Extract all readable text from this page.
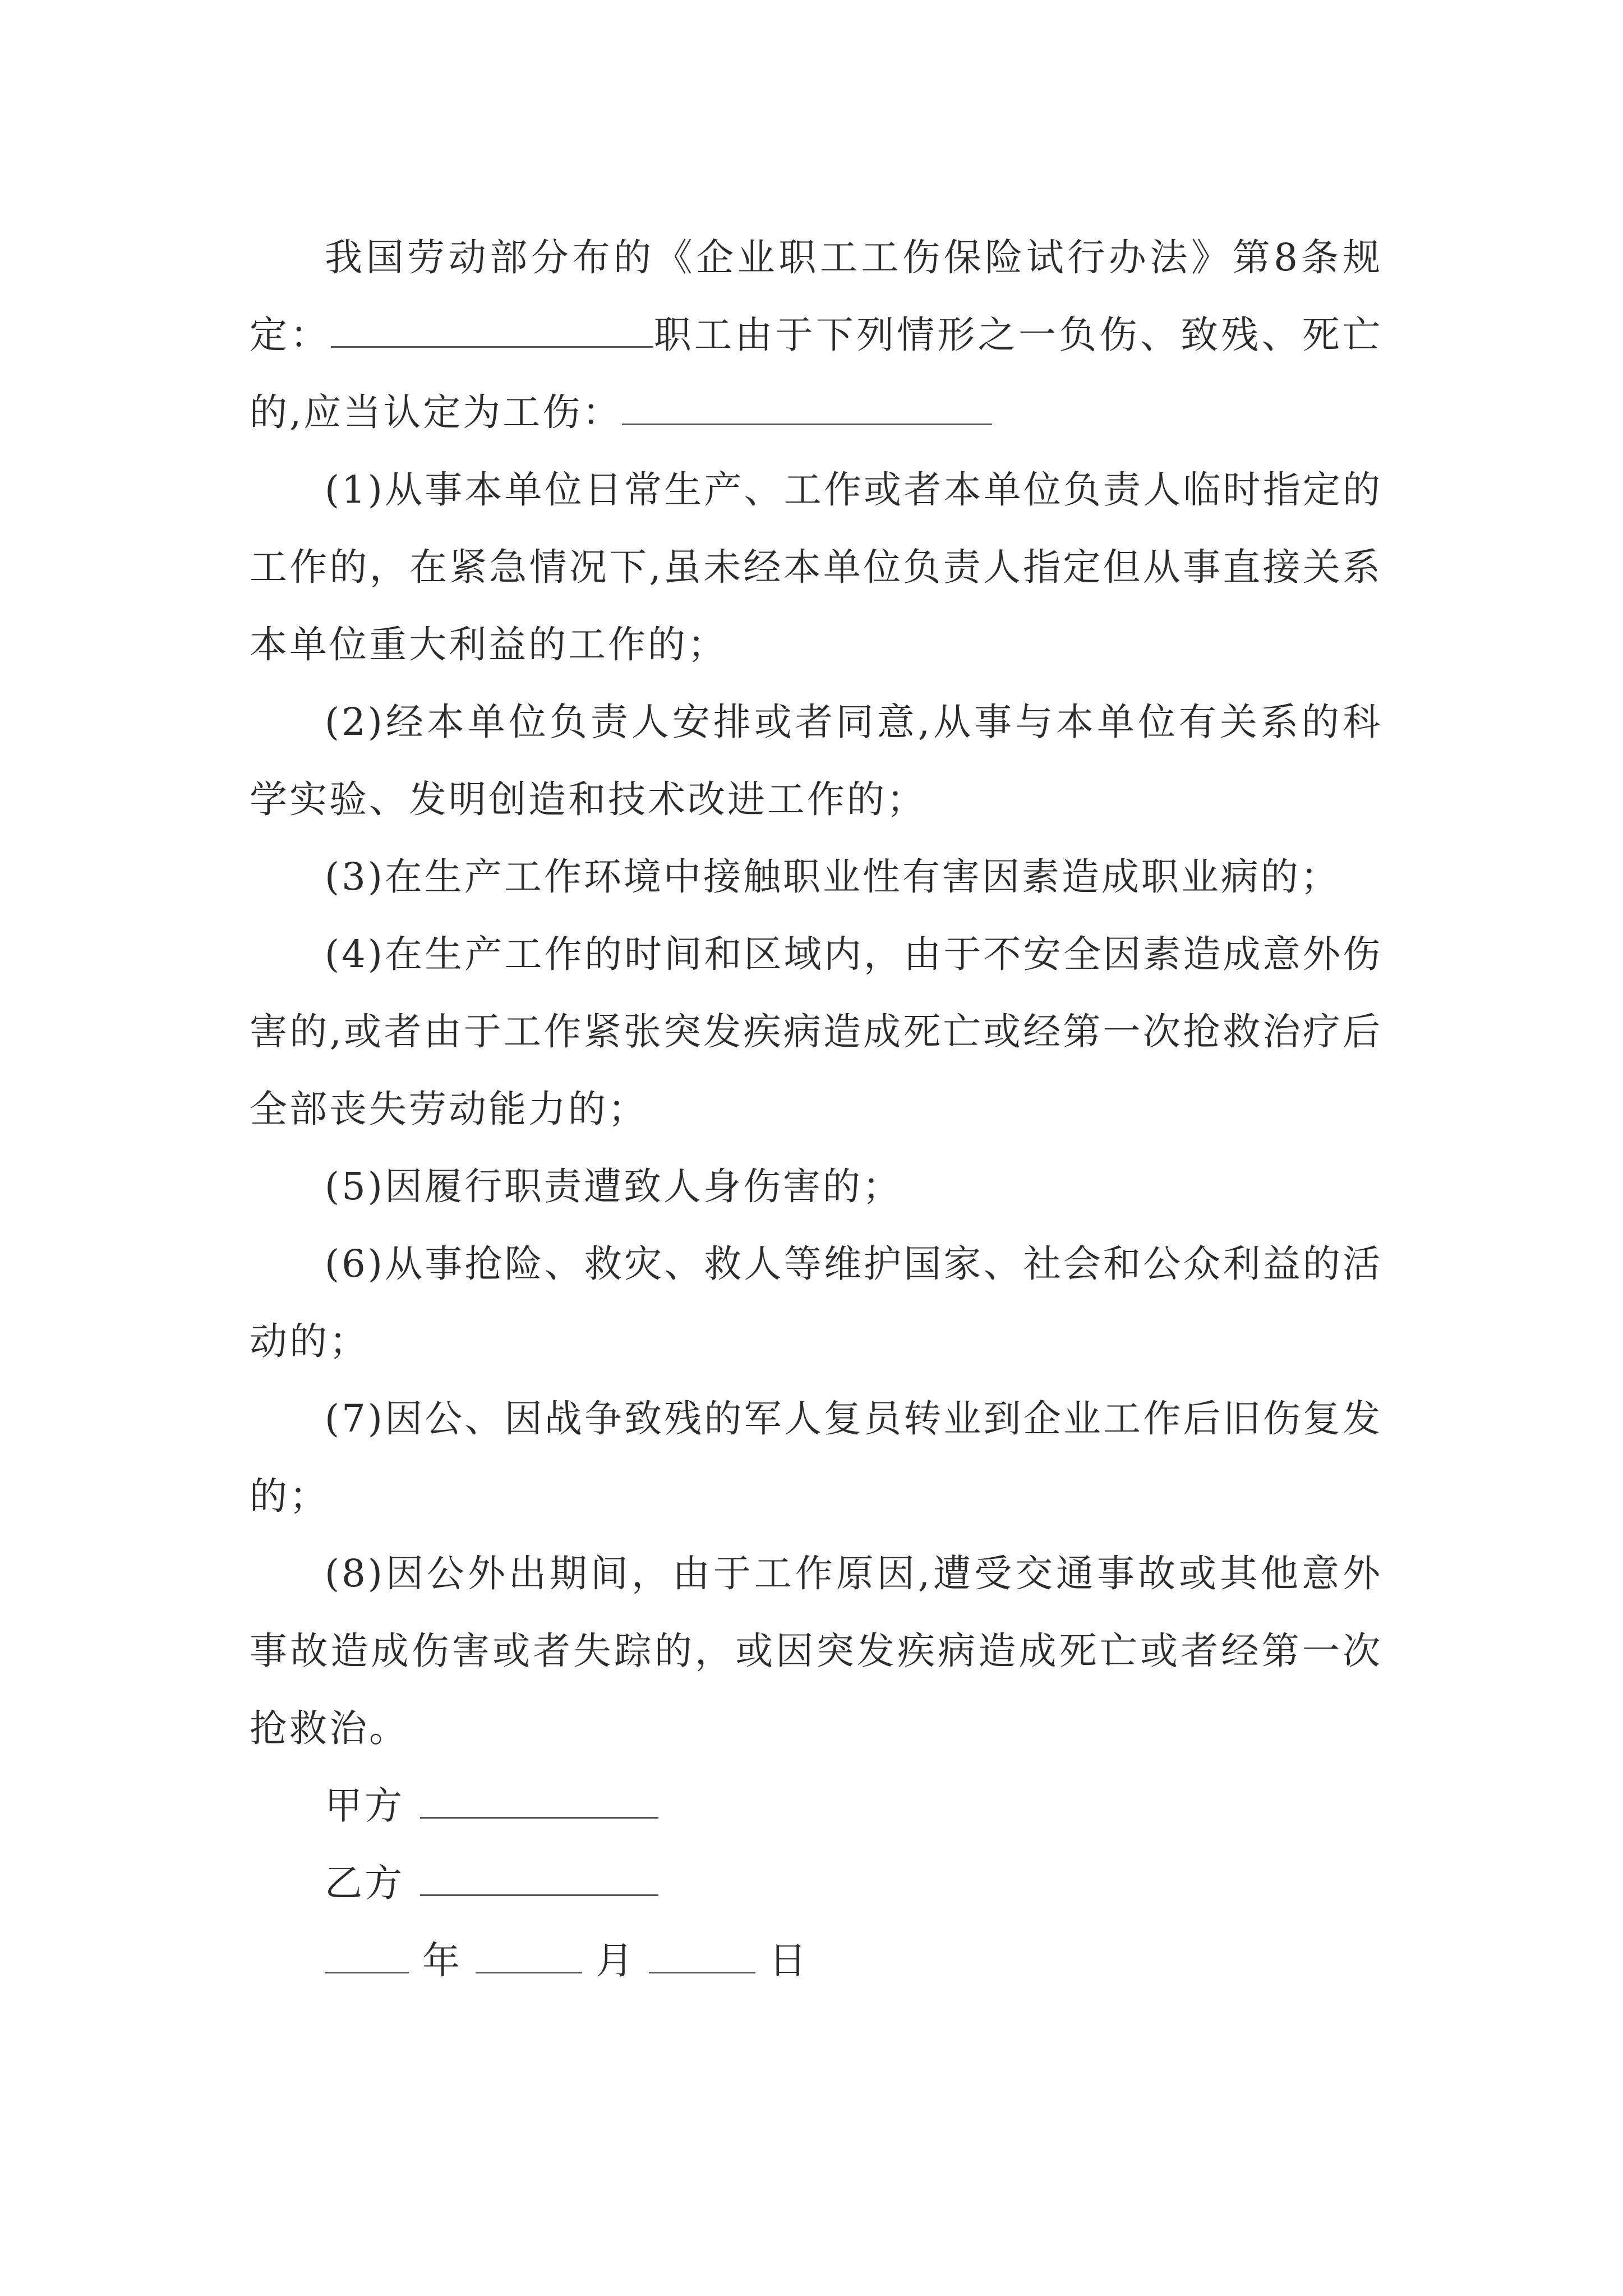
我国劳动部分布的《企业职工工伤保险试行办法》第8条规定：	职工由于下列情形之一负伤、致残、死亡的,应当认定为工伤：

(1)从事本单位日常生产、工作或者本单位负责人临时指定的工作的，在紧急情况下,虽未经本单位负责人指定但从事直接关系本单位重大利益的工作的；

(2)经本单位负责人安排或者同意,从事与本单位有关系的科学实验、发明创造和技术改进工作的；

(3)在生产工作环境中接触职业性有害因素造成职业病的；

(4)在生产工作的时间和区域内，由于不安全因素造成意外伤害的,或者由于工作紧张突发疾病造成死亡或经第一次抢救治疗后全部丧失劳动能力的；

(5)因履行职责遭致人身伤害的；

(6)从事抢险、救灾、救人等维护国家、社会和公众利益的活动的；

(7)因公、因战争致残的军人复员转业到企业工作后旧伤复发的；

(8)因公外出期间，由于工作原因,遭受交通事故或其他意外事故造成伤害或者失踪的，或因突发疾病造成死亡或者经第一次抢救治。

甲方

乙方

年	月	日
